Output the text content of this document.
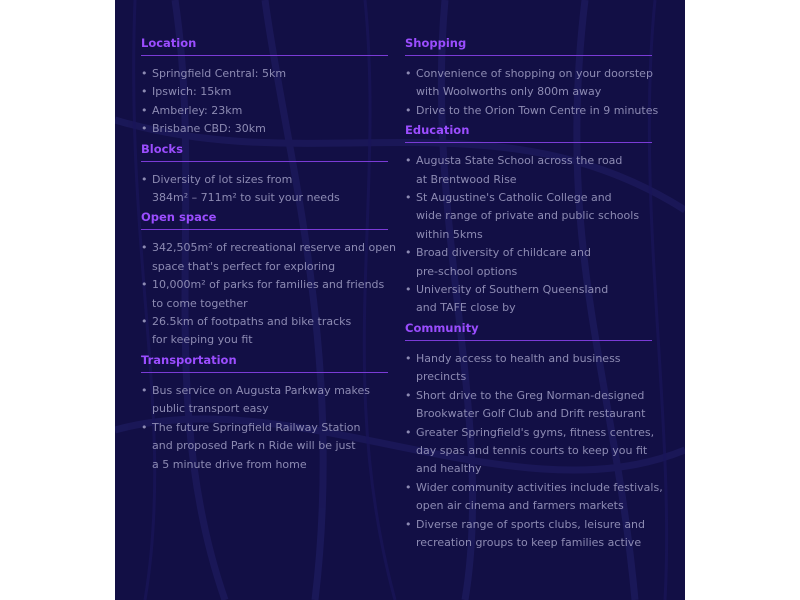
Location
• Springfield Central: 5km
• Ipswich: 15km
• Amberley: 23km
• Brisbane CBD: 30km
Blocks
• Diversity of lot sizes from
384m² – 711m² to suit your needs
Open space
• 342,505m² of recreational reserve and open
space that's perfect for exploring
• 10,000m² of parks for families and friends
to come together
• 26.5km of footpaths and bike tracks
for keeping you fit
Transportation
• Bus service on Augusta Parkway makes
public transport easy
• The future Springfield Railway Station
and proposed Park n Ride will be just
a 5 minute drive from home
Shopping
• Convenience of shopping on your doorstep
with Woolworths only 800m away
• Drive to the Orion Town Centre in 9 minutes
Education
• Augusta State School across the road
at Brentwood Rise
• St Augustine's Catholic College and
wide range of private and public schools
within 5kms
• Broad diversity of childcare and
pre-school options
• University of Southern Queensland
and TAFE close by
Community
• Handy access to health and business
precincts
• Short drive to the Greg Norman-designed
Brookwater Golf Club and Drift restaurant
• Greater Springfield's gyms, fitness centres,
day spas and tennis courts to keep you fit
and healthy
• Wider community activities include festivals,
open air cinema and farmers markets
• Diverse range of sports clubs, leisure and
recreation groups to keep families active
